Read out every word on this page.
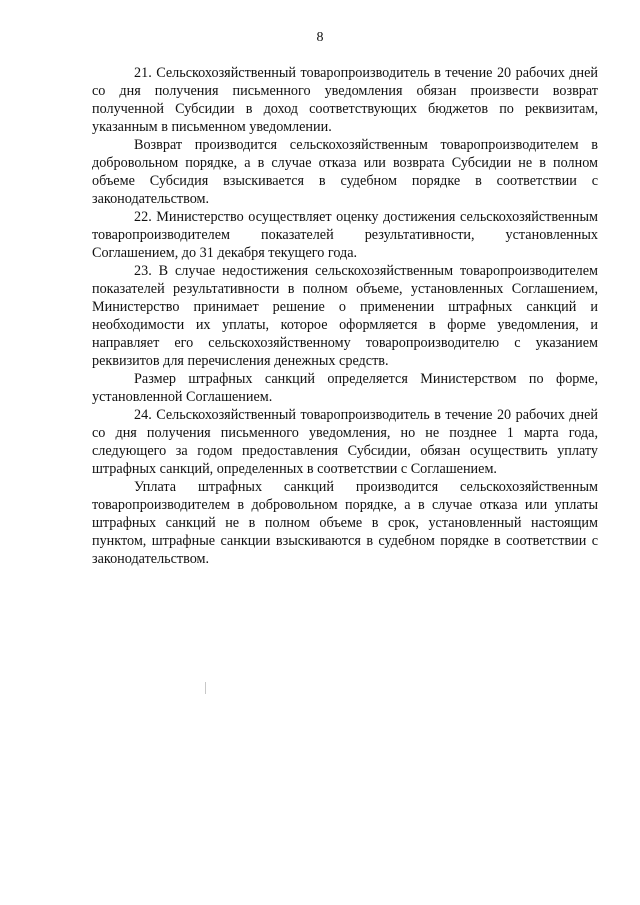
8

21. Сельскохозяйственный товаропроизводитель в течение 20 рабочих дней со дня получения письменного уведомления обязан произвести возврат полученной Субсидии в доход соответствующих бюджетов по реквизитам, указанным в письменном уведомлении.

Возврат производится сельскохозяйственным товаропроизводителем в добровольном порядке, а в случае отказа или возврата Субсидии не в полном объеме Субсидия взыскивается в судебном порядке в соответствии с законодательством.

22. Министерство осуществляет оценку достижения сельскохозяйственным товаропроизводителем показателей результативности, установленных Соглашением, до 31 декабря текущего года.

23. В случае недостижения сельскохозяйственным товаропроизводителем показателей результативности в полном объеме, установленных Соглашением, Министерство принимает решение о применении штрафных санкций и необходимости их уплаты, которое оформляется в форме уведомления, и направляет его сельскохозяйственному товаропроизводителю с указанием реквизитов для перечисления денежных средств.

Размер штрафных санкций определяется Министерством по форме, установленной Соглашением.

24. Сельскохозяйственный товаропроизводитель в течение 20 рабочих дней со дня получения письменного уведомления, но не позднее 1 марта года, следующего за годом предоставления Субсидии, обязан осуществить уплату штрафных санкций, определенных в соответствии с Соглашением.

Уплата штрафных санкций производится сельскохозяйственным товаропроизводителем в добровольном порядке, а в случае отказа или уплаты штрафных санкций не в полном объеме в срок, установленный настоящим пунктом, штрафные санкции взыскиваются в судебном порядке в соответствии с законодательством.
